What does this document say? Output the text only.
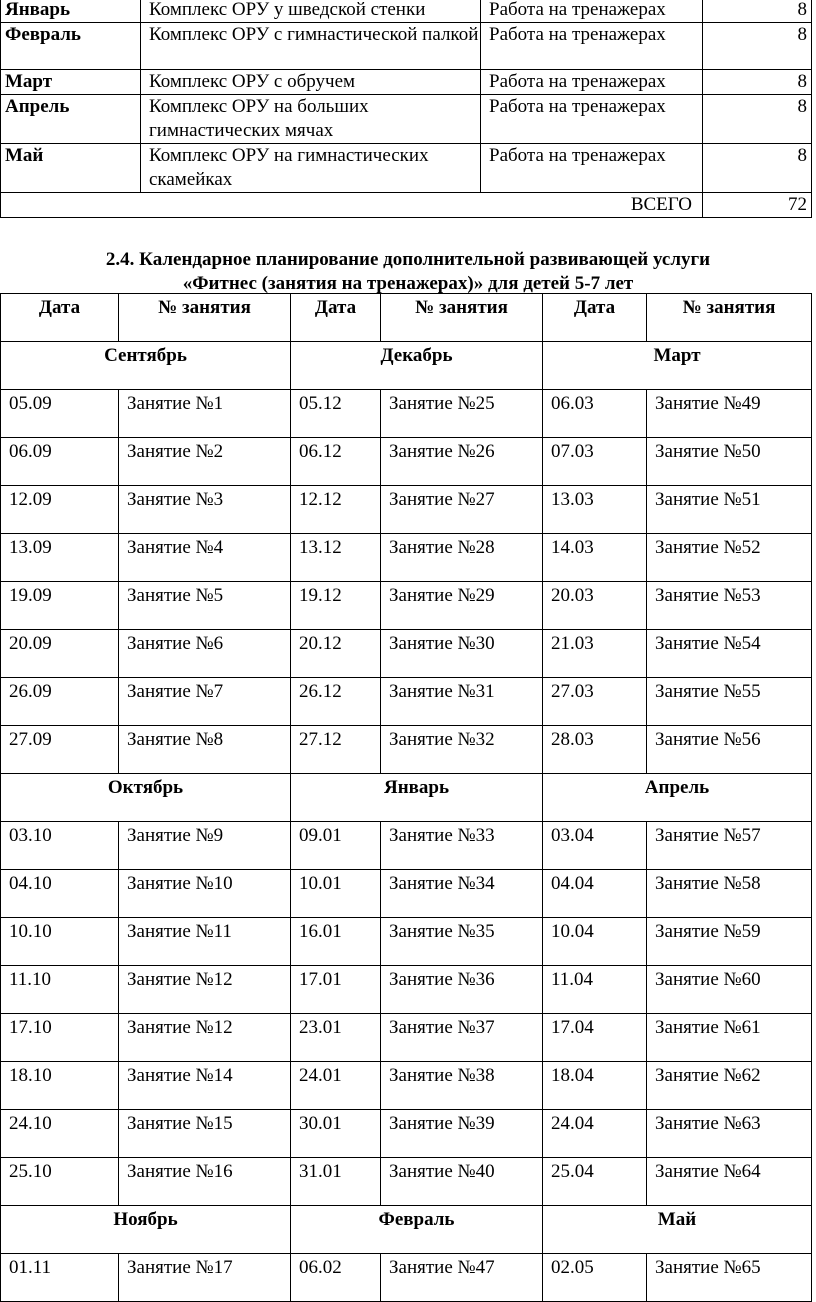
Январь	Комплекс ОРУ у шведской стенки	Работа на тренажерах	8
Февраль	Комплекс ОРУ с гимнастической палкой	Работа на тренажерах	8
Март	Комплекс ОРУ с обручем	Работа на тренажерах	8
Апрель	Комплекс ОРУ на больших гимнастических мячах	Работа на тренажерах	8
Май	Комплекс ОРУ на гимнастических скамейках	Работа на тренажерах	8
ВСЕГО			72
2.4. Календарное планирование дополнительной развивающей услуги
«Фитнес (занятия на тренажерах)» для детей 5-7 лет
Дата	№ занятия	Дата	№ занятия	Дата	№ занятия
Сентябрь		Декабрь		Март	
05.09	Занятие №1	05.12	Занятие №25	06.03	Занятие №49
06.09	Занятие №2	06.12	Занятие №26	07.03	Занятие №50
12.09	Занятие №3	12.12	Занятие №27	13.03	Занятие №51
13.09	Занятие №4	13.12	Занятие №28	14.03	Занятие №52
19.09	Занятие №5	19.12	Занятие №29	20.03	Занятие №53
20.09	Занятие №6	20.12	Занятие №30	21.03	Занятие №54
26.09	Занятие №7	26.12	Занятие №31	27.03	Занятие №55
27.09	Занятие №8	27.12	Занятие №32	28.03	Занятие №56
Октябрь		Январь		Апрель	
03.10	Занятие №9	09.01	Занятие №33	03.04	Занятие №57
04.10	Занятие №10	10.01	Занятие №34	04.04	Занятие №58
10.10	Занятие №11	16.01	Занятие №35	10.04	Занятие №59
11.10	Занятие №12	17.01	Занятие №36	11.04	Занятие №60
17.10	Занятие №12	23.01	Занятие №37	17.04	Занятие №61
18.10	Занятие №14	24.01	Занятие №38	18.04	Занятие №62
24.10	Занятие №15	30.01	Занятие №39	24.04	Занятие №63
25.10	Занятие №16	31.01	Занятие №40	25.04	Занятие №64
Ноябрь		Февраль		Май	
01.11	Занятие №17	06.02	Занятие №47	02.05	Занятие №65
